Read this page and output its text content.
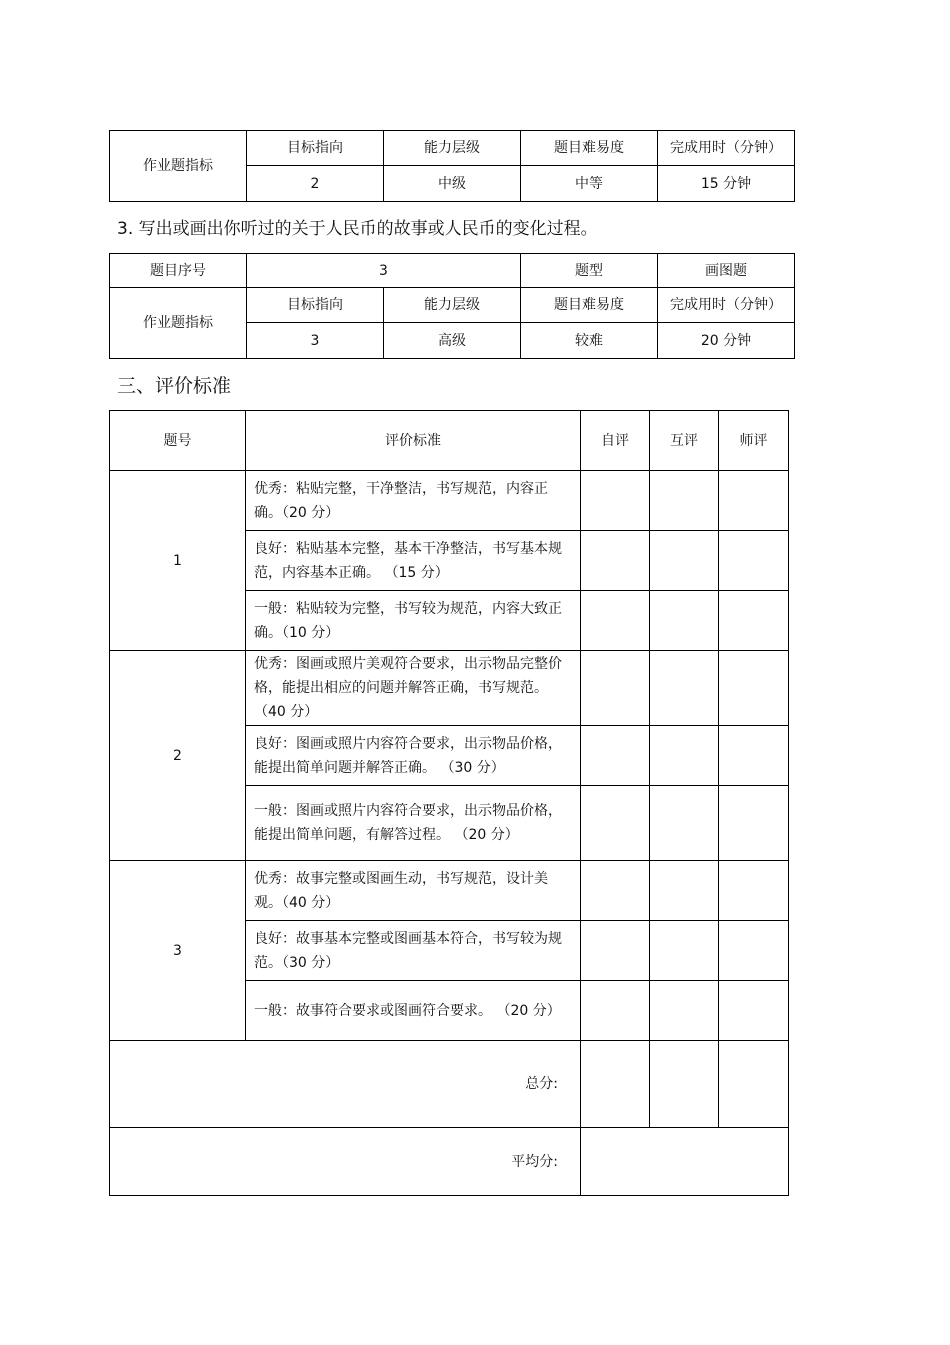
作业题指标	目标指向	能力层级	题目难易度	完成用时（分钟）
	2	中级	中等	15 分钟
3. 写出或画出你听过的关于人民币的故事或人民币的变化过程。
题目序号	3		题型	画图题
作业题指标	目标指向	能力层级	题目难易度	完成用时（分钟）
	3	高级	较难	20 分钟
三、评价标准
题号	评价标准	自评	互评	师评
1	优秀：粘贴完整，干净整洁，书写规范，内容正确。（20 分）			
	良好：粘贴基本完整，基本干净整洁，书写基本规范，内容基本正确。 （15 分）			
	一般：粘贴较为完整，书写较为规范，内容大致正确。（10 分）			
2	优秀：图画或照片美观符合要求，出示物品完整价格，能提出相应的问题并解答正确，书写规范。（40 分）			
	良好：图画或照片内容符合要求，出示物品价格，能提出简单问题并解答正确。 （30 分）			
	一般：图画或照片内容符合要求，出示物品价格，能提出简单问题，有解答过程。 （20 分）			
3	优秀：故事完整或图画生动，书写规范，设计美观。（40 分）			
	良好：故事基本完整或图画基本符合，书写较为规范。（30 分）			
	一般：故事符合要求或图画符合要求。 （20 分）			
总分:				
平均分:				
